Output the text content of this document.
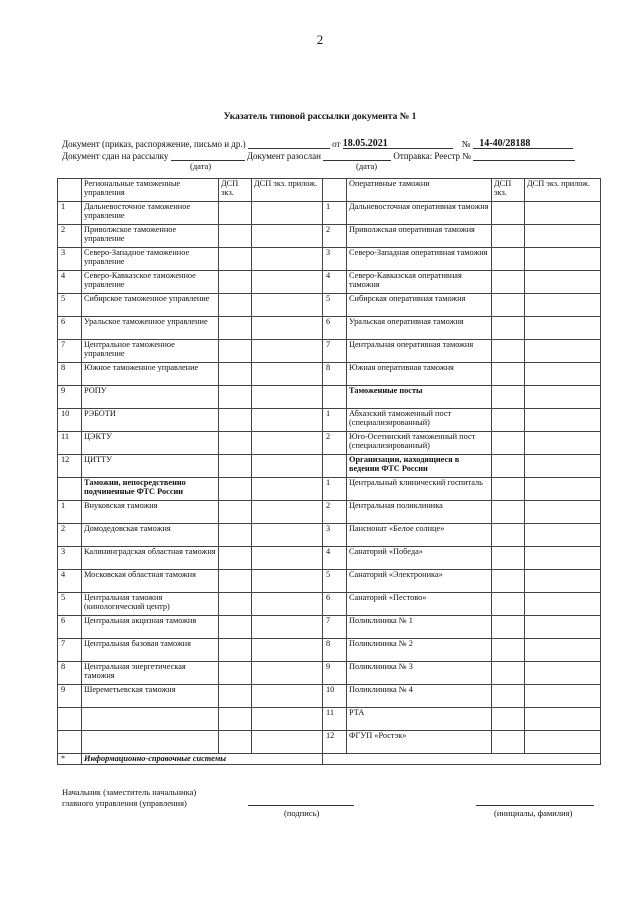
2
Указатель типовой рассылки документа № 1
Документ (приказ, распоряжение, письмо и др.)	от 18.05.2021	№ 14-40/28188
Документ сдан на рассылку	Документ разослан	Отправка: Реестр №
(дата)	(дата)
	Региональные таможенные управления	ДСП экз.	ДСП экз. прилож.		Оперативные таможни	ДСП экз.	ДСП экз. прилож.
1	Дальневосточное таможенное управление			1	Дальневосточная оперативная таможня		
2	Приволжское таможенное управление			2	Приволжская оперативная таможня		
3	Северо-Западное таможенное управление			3	Северо-Западная оперативная таможня		
4	Северо-Кавказское таможенное управление			4	Северо-Кавказская оперативная таможня		
5	Сибирское таможенное управление			5	Сибирская оперативная таможня		
6	Уральское таможенное управление			6	Уральская оперативная таможня		
7	Центральное таможенное управление			7	Центральная оперативная таможня		
8	Южное таможенное управление			8	Южная оперативная таможня		
9	РОПУ				Таможенные посты		
10	РЭБОТИ			1	Абхазский таможенный пост (специализированный)		
11	ЦЭКТУ			2	Юго-Осетинский таможенный пост (специализированный)		
12	ЦИТТУ				Организации, находящиеся в ведении ФТС России		
	Таможни, непосредственно подчиненные ФТС России			1	Центральный клинический госпиталь		
1	Внуковская таможня			2	Центральная поликлиника		
2	Домодедовская таможня			3	Пансионат «Белое солнце»		
3	Калининградская областная таможня			4	Санаторий «Победа»		
4	Московская областная таможня			5	Санаторий «Электроника»		
5	Центральная таможня (кинологический центр)			6	Санаторий «Пестово»		
6	Центральная акцизная таможня			7	Поликлиника № 1		
7	Центральная базовая таможня			8	Поликлиника № 2		
8	Центральная энергетическая таможня			9	Поликлиника № 3		
9	Шереметьевская таможня			10	Поликлиника № 4		
				11	РТА		
				12	ФГУП «Ростэк»		
*	Информационно-справочные системы						
Начальник (заместитель начальника)
главного управления (управления)
(подпись)	(инициалы, фамилия)
